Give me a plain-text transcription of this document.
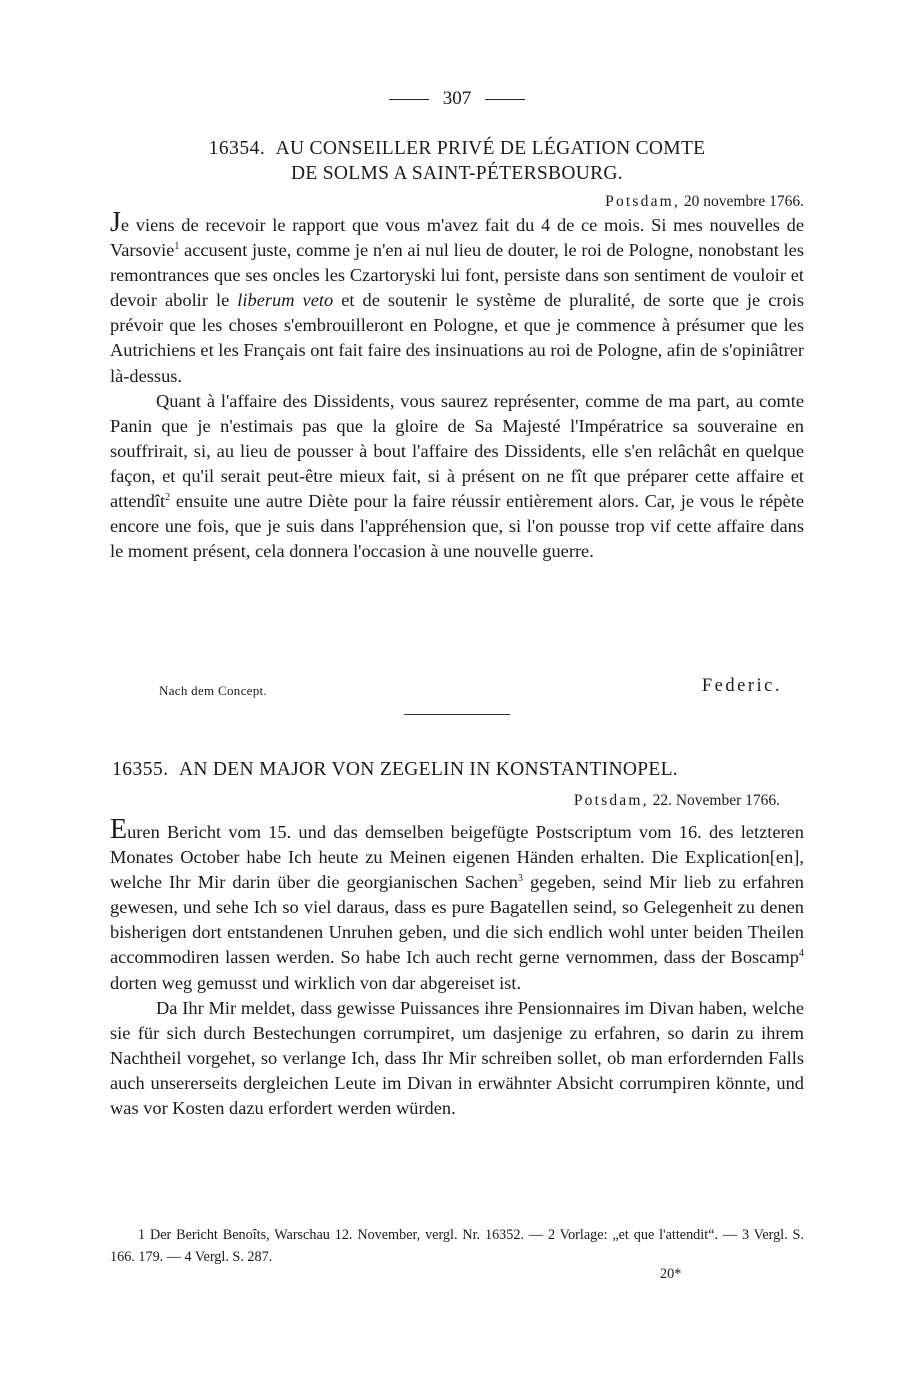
307
16354. AU CONSEILLER PRIVÉ DE LÉGATION COMTE
DE SOLMS A SAINT-PÉTERSBOURG.
Potsdam, 20 novembre 1766.

Je viens de recevoir le rapport que vous m'avez fait du 4 de ce mois. Si mes nouvelles de Varsovie$^1$ accusent juste, comme je n'en ai nul lieu de douter, le roi de Pologne, nonobstant les remontrances que ses oncles les Czartoryski lui font, persiste dans son sentiment de vouloir et devoir abolir le liberum veto et de soutenir le système de pluralité, de sorte que je crois prévoir que les choses s'embrouilleront en Pologne, et que je commence à présumer que les Autrichiens et les Français ont fait faire des insinuations au roi de Pologne, afin de s'opiniâtrer là-dessus.

Quant à l'affaire des Dissidents, vous saurez représenter, comme de ma part, au comte Panin que je n'estimais pas que la gloire de Sa Majesté l'Impératrice sa souveraine en souffrirait, si, au lieu de pousser à bout l'affaire des Dissidents, elle s'en relâchât en quelque façon, et qu'il serait peut-être mieux fait, si à présent on ne fît que préparer cette affaire et attendît$^2$ ensuite une autre Diète pour la faire réussir entièrement alors. Car, je vous le répète encore une fois, que je suis dans l'appréhension que, si l'on pousse trop vif cette affaire dans le moment présent, cela donnera l'occasion à une nouvelle guerre.

Nach dem Concept.	Federic.
16355. AN DEN MAJOR VON ZEGELIN IN KONSTANTINOPEL.
Potsdam, 22. November 1766.

Euren Bericht vom 15. und das demselben beigefügte Postscriptum vom 16. des letzteren Monates October habe Ich heute zu Meinen eigenen Händen erhalten. Die Explication[en], welche Ihr Mir darin über die georgianischen Sachen$^3$ gegeben, seind Mir lieb zu erfahren gewesen, und sehe Ich so viel daraus, dass es pure Bagatellen seind, so Gelegenheit zu denen bisherigen dort entstandenen Unruhen geben, und die sich endlich wohl unter beiden Theilen accommodiren lassen werden. So habe Ich auch recht gerne vernommen, dass der Boscamp$^4$ dorten weg gemusst und wirklich von dar abgereiset ist.

Da Ihr Mir meldet, dass gewisse Puissances ihre Pensionnaires im Divan haben, welche sie für sich durch Bestechungen corrumpiret, um dasjenige zu erfahren, so darin zu ihrem Nachtheil vorgehet, so verlange Ich, dass Ihr Mir schreiben sollet, ob man erfordernden Falls auch unsererseits dergleichen Leute im Divan in erwähnter Absicht corrumpiren könnte, und was vor Kosten dazu erfordert werden würden.

1 Der Bericht Benoîts, Warschau 12. November, vergl. Nr. 16352. — 2 Vorlage: „et que l'attendit“. — 3 Vergl. S. 166. 179. — 4 Vergl. S. 287.

20*
